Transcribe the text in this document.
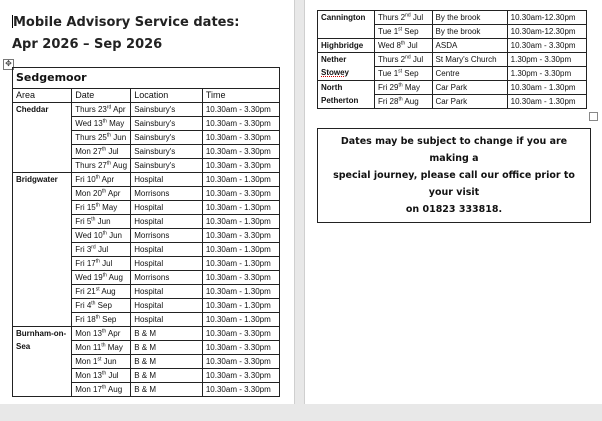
Mobile Advisory Service dates:
Apr 2026 – Sep 2026
✥
Sedgemoor			
Area	Date	Location	Time

Cheddar	Thurs 23rd Apr	Sainsbury's	10.30am - 3.30pm
	Wed 13th May	Sainsbury's	10.30am - 3.30pm
	Thurs 25th Jun	Sainsbury's	10.30am - 3.30pm
	Mon 27th Jul	Sainsbury's	10.30am - 3.30pm
	Thurs 27th Aug	Sainsbury's	10.30am - 3.30pm

Bridgwater	Fri 10th Apr	Hospital	10.30am - 1.30pm
	Mon 20th Apr	Morrisons	10.30am - 3.30pm
	Fri 15th May	Hospital	10.30am - 1.30pm
	Fri 5th Jun	Hospital	10.30am - 1.30pm
	Wed 10th Jun	Morrisons	10.30am - 3.30pm
	Fri 3rd Jul	Hospital	10.30am - 1.30pm
	Fri 17th Jul	Hospital	10.30am - 1.30pm
	Wed 19th Aug	Morrisons	10.30am - 3.30pm
	Fri 21st Aug	Hospital	10.30am - 1.30pm
	Fri 4th Sep	Hospital	10.30am - 1.30pm
	Fri 18th Sep	Hospital	10.30am - 1.30pm

Burnham-on-
Sea	Mon 13th Apr	B & M	10.30am - 3.30pm
	Mon 11th May	B & M	10.30am - 3.30pm
	Mon 1st Jun	B & M	10.30am - 3.30pm
	Mon 13th Jul	B & M	10.30am - 3.30pm
	Mon 17th Aug	B & M	10.30am - 3.30pm
Cannington	Thurs 2nd Jul	By the brook	10.30am-12.30pm
	Tue 1st Sep	By the brook	10.30am-12.30pm

Highbridge	Wed 8th Jul	ASDA	10.30am - 3.30pm

Nether
Stowey	Thurs 2nd Jul	St Mary's Church	1.30pm - 3.30pm
	Tue 1st Sep	Centre	1.30pm - 3.30pm

North
Petherton	Fri 29th May	Car Park	10.30am - 1.30pm
	Fri 28th Aug	Car Park	10.30am - 1.30pm
Dates may be subject to change if you are making a
special journey, please call our office prior to your visit
on 01823 333818.
